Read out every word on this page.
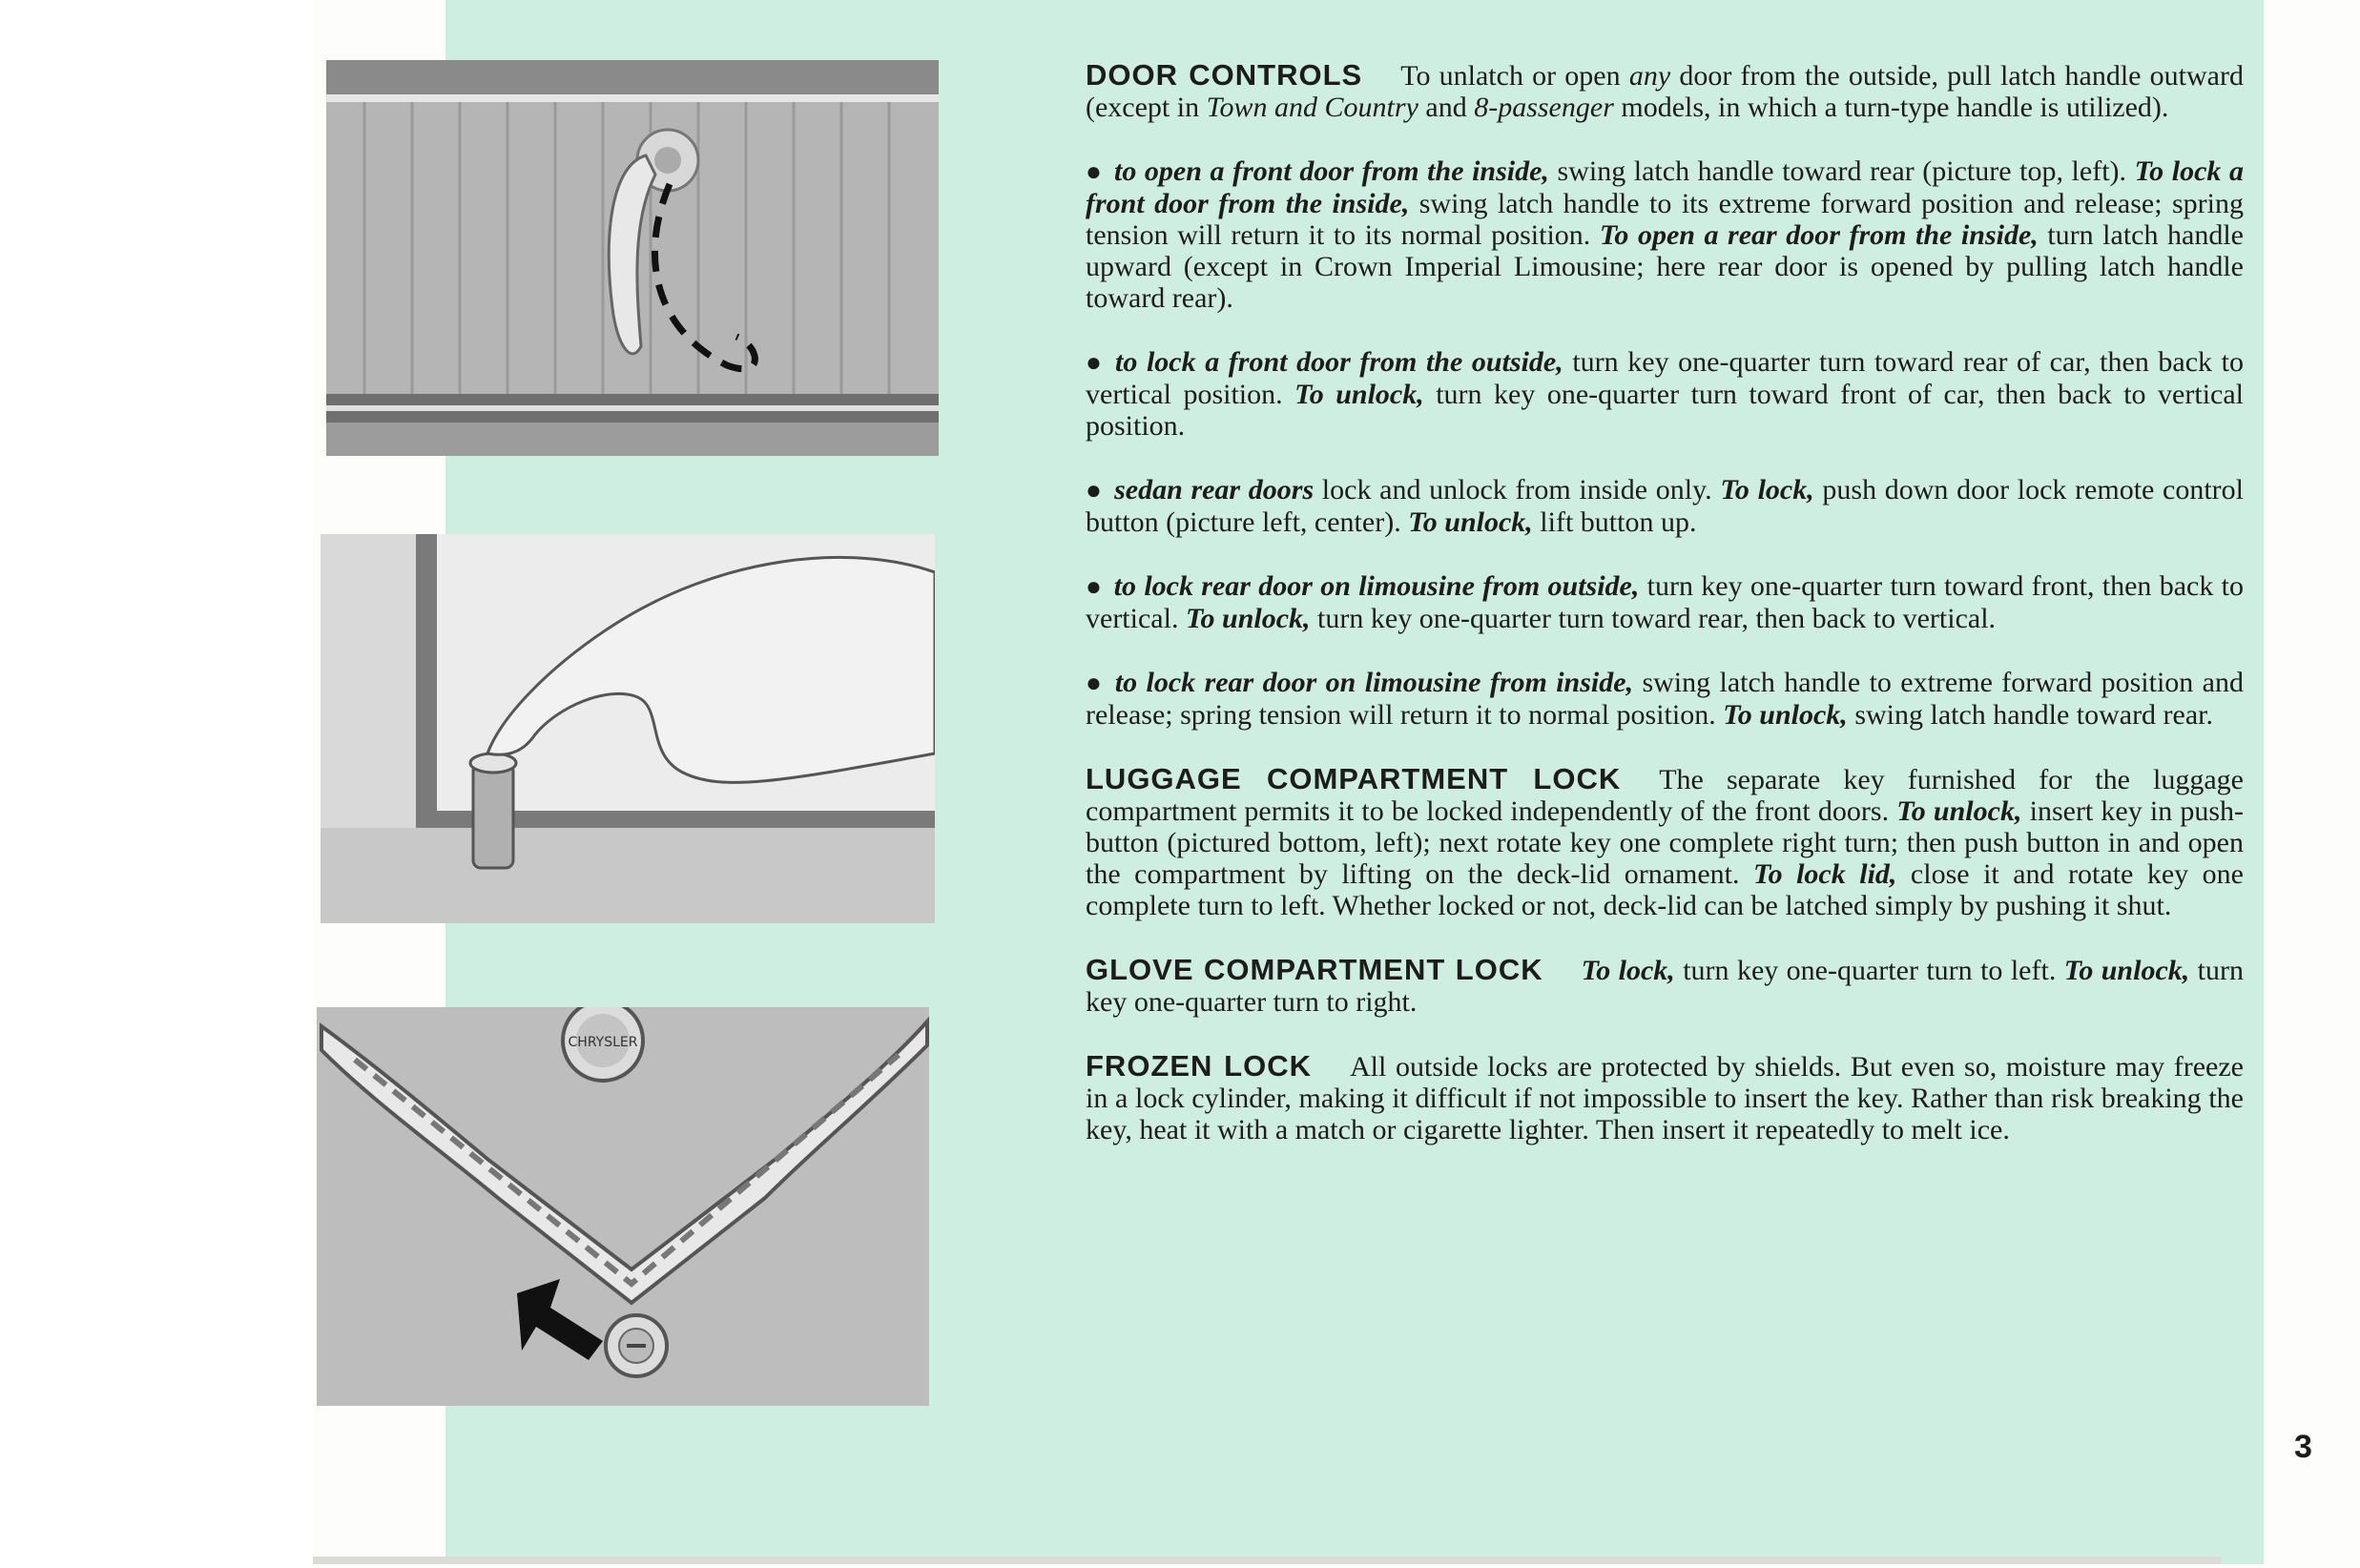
CHRYSLER

DOOR CONTROLS To unlatch or open any door from the outside, pull latch handle outward (except in Town and Country and 8-passenger models, in which a turn-type handle is utilized).

● to open a front door from the inside, swing latch handle toward rear (picture top, left). To lock a front door from the inside, swing latch handle to its extreme forward position and release; spring tension will return it to its normal position. To open a rear door from the inside, turn latch handle upward (except in Crown Imperial Limousine; here rear door is opened by pulling latch handle toward rear).

● to lock a front door from the outside, turn key one-quarter turn toward rear of car, then back to vertical position. To unlock, turn key one-quarter turn toward front of car, then back to vertical position.

● sedan rear doors lock and unlock from inside only. To lock, push down door lock remote control button (picture left, center). To unlock, lift button up.

● to lock rear door on limousine from outside, turn key one-quarter turn toward front, then back to vertical. To unlock, turn key one-quarter turn toward rear, then back to vertical.

● to lock rear door on limousine from inside, swing latch handle to extreme forward position and release; spring tension will return it to normal position. To unlock, swing latch handle toward rear.

LUGGAGE COMPARTMENT LOCK The separate key furnished for the luggage compartment permits it to be locked independently of the front doors. To unlock, insert key in push-button (pictured bottom, left); next rotate key one complete right turn; then push button in and open the compartment by lifting on the deck-lid ornament. To lock lid, close it and rotate key one complete turn to left. Whether locked or not, deck-lid can be latched simply by pushing it shut.

GLOVE COMPARTMENT LOCK To lock, turn key one-quarter turn to left. To unlock, turn key one-quarter turn to right.

FROZEN LOCK All outside locks are protected by shields. But even so, moisture may freeze in a lock cylinder, making it difficult if not impossible to insert the key. Rather than risk breaking the key, heat it with a match or cigarette lighter. Then insert it repeatedly to melt ice.

3
